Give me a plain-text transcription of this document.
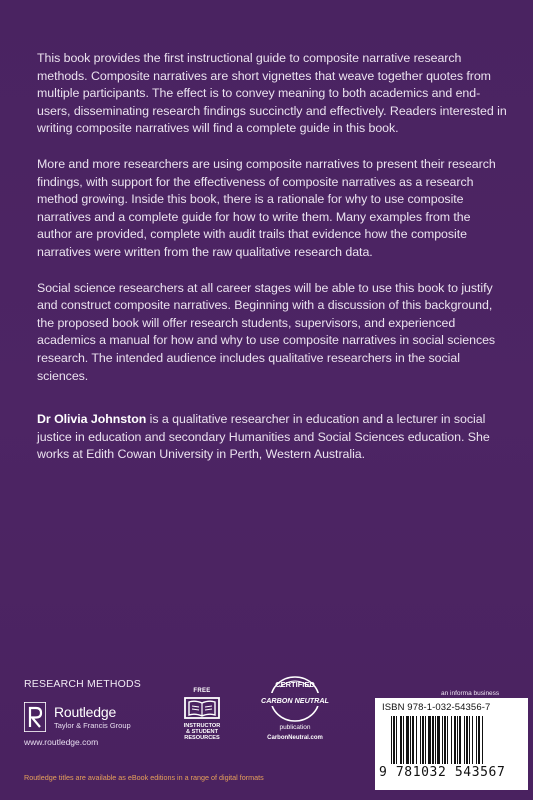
This book provides the first instructional guide to composite narrative research methods. Composite narratives are short vignettes that weave together quotes from multiple participants. The effect is to convey meaning to both academics and end-users, disseminating research findings succinctly and effectively. Readers interested in writing composite narratives will find a complete guide in this book.

More and more researchers are using composite narratives to present their research findings, with support for the effectiveness of composite narratives as a research method growing. Inside this book, there is a rationale for why to use composite narratives and a complete guide for how to write them. Many examples from the author are provided, complete with audit trails that evidence how the composite narratives were written from the raw qualitative research data.

Social science researchers at all career stages will be able to use this book to justify and construct composite narratives. Beginning with a discussion of this background, the proposed book will offer research students, supervisors, and experienced academics a manual for how and why to use composite narratives in social sciences research. The intended audience includes qualitative researchers in the social sciences.

Dr Olivia Johnston is a qualitative researcher in education and a lecturer in social justice in education and secondary Humanities and Social Sciences education. She works at Edith Cowan University in Perth, Western Australia.

RESEARCH METHODS
Routledge
Taylor & Francis Group
www.routledge.com
FREE
INSTRUCTOR
& STUDENT
RESOURCES
CERTIFIED
CARBON NEUTRAL
publication
CarbonNeutral.com
an informa business
ISBN 978-1-032-54356-7
9 781032 543567
Routledge titles are available as eBook editions in a range of digital formats
